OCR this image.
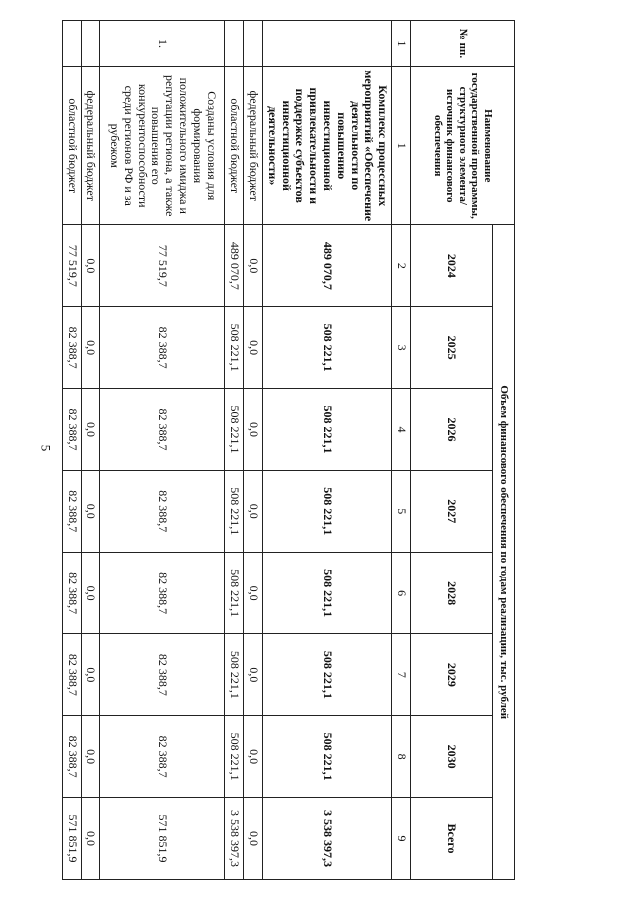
5
№ пп.	Наименование государственной программы, структурного элемента/источник финансового обеспечения	Объем финансового обеспечения по годам реализации, тыс. рублей							
		2024	2025	2026	2027	2028	2029	2030	Всего
1	1	2	3	4	5	6	7	8	9
	Комплекс процессных мероприятий «Обеспечение деятельности по повышению инвестиционной привлекательности и поддержке субъектов инвестиционной деятельности»	489 070,7	508 221,1	508 221,1	508 221,1	508 221,1	508 221,1	508 221,1	3 538 397,3
	федеральный бюджет	0,0	0,0	0,0	0,0	0,0	0,0	0,0	0,0
	областной бюджет	489 070,7	508 221,1	508 221,1	508 221,1	508 221,1	508 221,1	508 221,1	3 538 397,3
1.	Созданы условия для формирования положительного имиджа и репутации региона, а также повышения его конкурентоспособности среди регионов РФ и за рубежом	77 519,7	82 388,7	82 388,7	82 388,7	82 388,7	82 388,7	82 388,7	571 851,9
	федеральный бюджет	0,0	0,0	0,0	0,0	0,0	0,0	0,0	0,0
	областной бюджет	77 519,7	82 388,7	82 388,7	82 388,7	82 388,7	82 388,7	82 388,7	571 851,9
